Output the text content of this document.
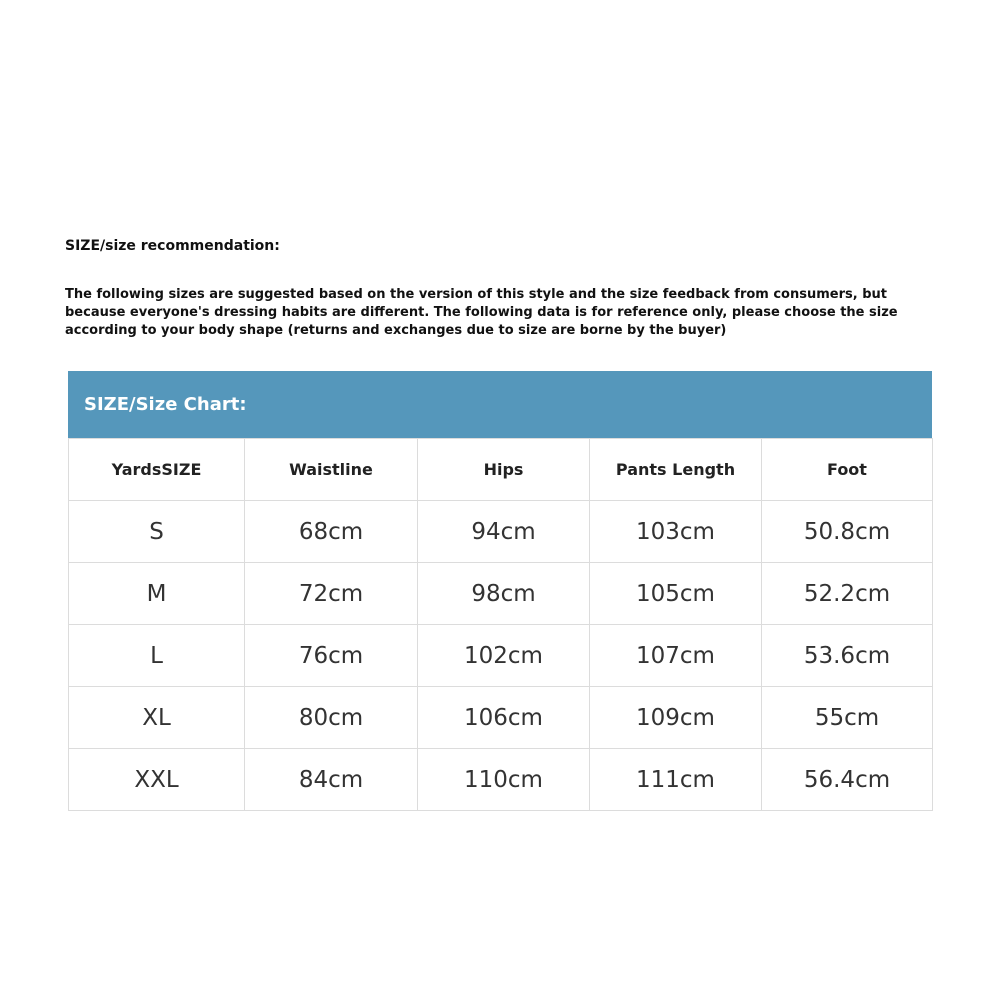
SIZE/size recommendation:
The following sizes are suggested based on the version of this style and the size feedback from consumers, but because everyone's dressing habits are different. The following data is for reference only, please choose the size according to your body shape (returns and exchanges due to size are borne by the buyer)
SIZE/Size Chart:
YardsSIZE	Waistline	Hips	Pants Length	Foot
S	68cm	94cm	103cm	50.8cm
M	72cm	98cm	105cm	52.2cm
L	76cm	102cm	107cm	53.6cm
XL	80cm	106cm	109cm	55cm
XXL	84cm	110cm	111cm	56.4cm
